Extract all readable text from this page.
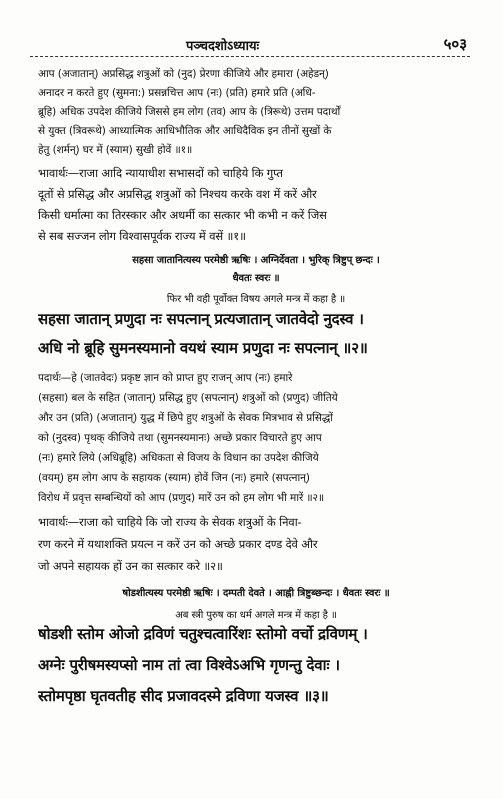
पञ्चदशोऽध्यायः	५०३
आप (अजातान्) अप्रसिद्ध शत्रुओं को (नुद) प्रेरणा कीजिये और हमारा (अहेडन्)
अनादर न करते हुए (सुमना:) प्रसन्नचित्त आप (नः) (प्रति) हमारे प्रति (अधि-
ब्रूहि) अधिक उपदेश कीजिये जिससे हम लोग (तव) आप के (त्रिरूथे) उत्तम पदार्थों
से युक्त (त्रिवरूथे) आध्यात्मिक आधिभौतिक और आधिदैविक इन तीनों सुखों के
हेतु (शर्मन्) घर में (स्याम) सुखी होवें ॥१॥
भावार्थः—राजा आदि न्यायाधीश सभासदों को चाहिये कि गुप्त
दूतों से प्रसिद्ध और अप्रसिद्ध शत्रुओं को निश्चय करके वश में करें और
किसी धर्मात्मा का तिरस्कार और अधर्मी का सत्कार भी कभी न करें जिस
से सब सज्जन लोग विश्वासपूर्वक राज्य में वसें ॥१॥
सहसा जातानित्यस्य परमेष्ठी ऋषिः । अग्निर्देवता । भुरिक् त्रिष्टुप् छन्दः ।
धैवतः स्वरः ॥
फिर भी वही पूर्वोक्त विषय अगले मन्त्र में कहा है ॥
सहसा जातान् प्रणुदा नः सपत्नान् प्रत्यजातान् जातवेदो नुदस्व ।
अधि नो ब्रूहि सुमनस्यमानो वयथं स्याम प्रणुदा नः सपत्नान् ॥२॥
पदार्थः—हे (जातवेदः) प्रकृष्ट ज्ञान को प्राप्त हुए राजन् आप (नः) हमारे
(सहसा) बल के सहित (जातान्) प्रसिद्ध हुए (सपत्नान्) शत्रुओं को (प्रणुद) जीतिये
और उन (प्रति) (अजातान्) युद्ध में छिपे हुए शत्रुओं के सेवक मित्रभाव से प्रसिद्धों
को (नुदस्व) पृथक् कीजिये तथा (सुमनस्यमानः) अच्छे प्रकार विचारते हुए आप
(नः) हमारे लिये (अधिब्रूहि) अधिकता से विजय के विधान का उपदेश कीजिये
(वयम्) हम लोग आप के सहायक (स्याम) होवें जिन (नः) हमारे (सपत्नान्)
विरोध में प्रवृत्त सम्बन्धियों को आप (प्रणुद) मारें उन को हम लोग भी मारें ॥२॥
भावार्थः—राजा को चाहिये कि जो राज्य के सेवक शत्रुओं के निवा-
रण करने में यथाशक्ति प्रयत्न न करें उन को अच्छे प्रकार दण्ड देवे और
जो अपने सहायक हों उन का सत्कार करे ॥२॥
षोडशीत्यस्य परमेष्ठी ऋषिः । दम्पती देवते । आह्नी त्रिष्टुब्छन्दः । धैवतः स्वरः ॥
अब स्त्री पुरुष का धर्म अगले मन्त्र में कहा है ॥
षोडशी स्तोम ओजो द्रविणं चतुश्चत्वारिंशः स्तोमो वर्चो द्रविणम् ।
अग्नेः पुरीषमस्यप्सो नाम तां त्वा विश्वेऽअभि गृणन्तु देवाः ।
स्तोमपृष्ठा घृतवतीह सीद प्रजावदस्मे द्रविणा यजस्व ॥३॥
